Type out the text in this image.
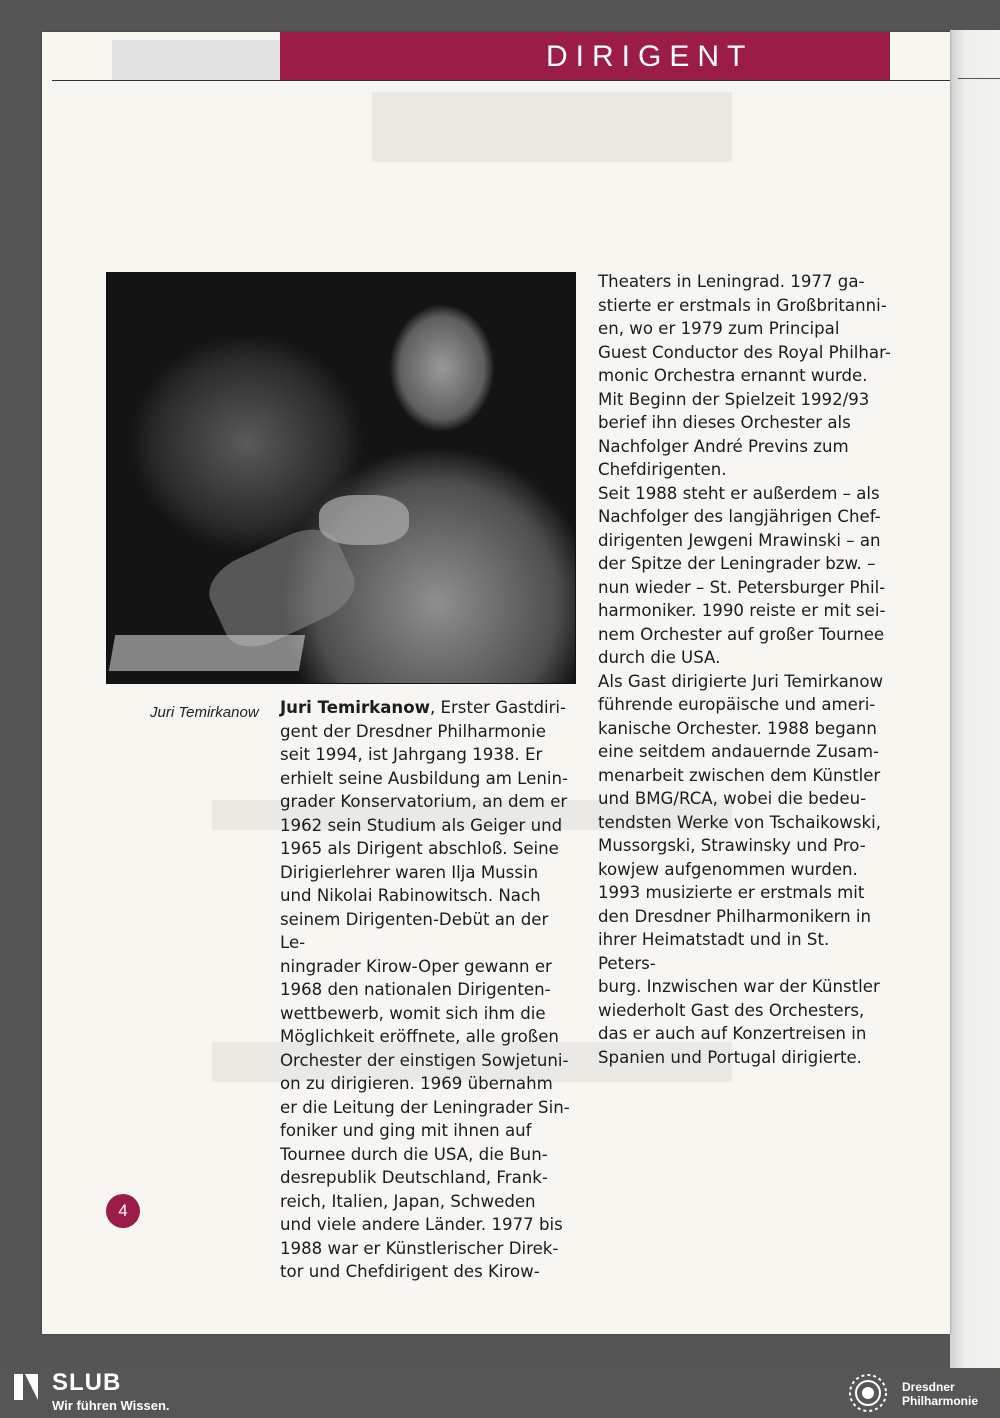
DIRIGENT
Juri Temirkanow Juri Temirkanow, Erster Gastdiri-
gent der Dresdner Philharmonie
seit 1994, ist Jahrgang 1938. Er
erhielt seine Ausbildung am Lenin-
grader Konservatorium, an dem er
1962 sein Studium als Geiger und
1965 als Dirigent abschloß. Seine
Dirigierlehrer waren Ilja Mussin
und Nikolai Rabinowitsch. Nach
seinem Dirigenten-Debüt an der Le-
ningrader Kirow-Oper gewann er
1968 den nationalen Dirigenten-
wettbewerb, womit sich ihm die
Möglichkeit eröffnete, alle großen
Orchester der einstigen Sowjetuni-
on zu dirigieren. 1969 übernahm
er die Leitung der Leningrader Sin-
foniker und ging mit ihnen auf
Tournee durch die USA, die Bun-
desrepublik Deutschland, Frank-
reich, Italien, Japan, Schweden
und viele andere Länder. 1977 bis
1988 war er Künstlerischer Direk-
tor und Chefdirigent des Kirow-
Theaters in Leningrad. 1977 ga-
stierte er erstmals in Großbritanni-
en, wo er 1979 zum Principal
Guest Conductor des Royal Philhar-
monic Orchestra ernannt wurde.
Mit Beginn der Spielzeit 1992/93
berief ihn dieses Orchester als
Nachfolger André Previns zum
Chefdirigenten.
Seit 1988 steht er außerdem – als
Nachfolger des langjährigen Chef-
dirigenten Jewgeni Mrawinski – an
der Spitze der Leningrader bzw. –
nun wieder – St. Petersburger Phil-
harmoniker. 1990 reiste er mit sei-
nem Orchester auf großer Tournee
durch die USA.
Als Gast dirigierte Juri Temirkanow
führende europäische und ameri-
kanische Orchester. 1988 begann
eine seitdem andauernde Zusam-
menarbeit zwischen dem Künstler
und BMG/RCA, wobei die bedeu-
tendsten Werke von Tschaikowski,
Mussorgski, Strawinsky und Pro-
kowjew aufgenommen wurden.
1993 musizierte er erstmals mit
den Dresdner Philharmonikern in
ihrer Heimatstadt und in St. Peters-
burg. Inzwischen war der Künstler
wiederholt Gast des Orchesters,
das er auch auf Konzertreisen in
Spanien und Portugal dirigierte.
4
SLUB
Wir führen Wissen.
Dresdner
Philharmonie
